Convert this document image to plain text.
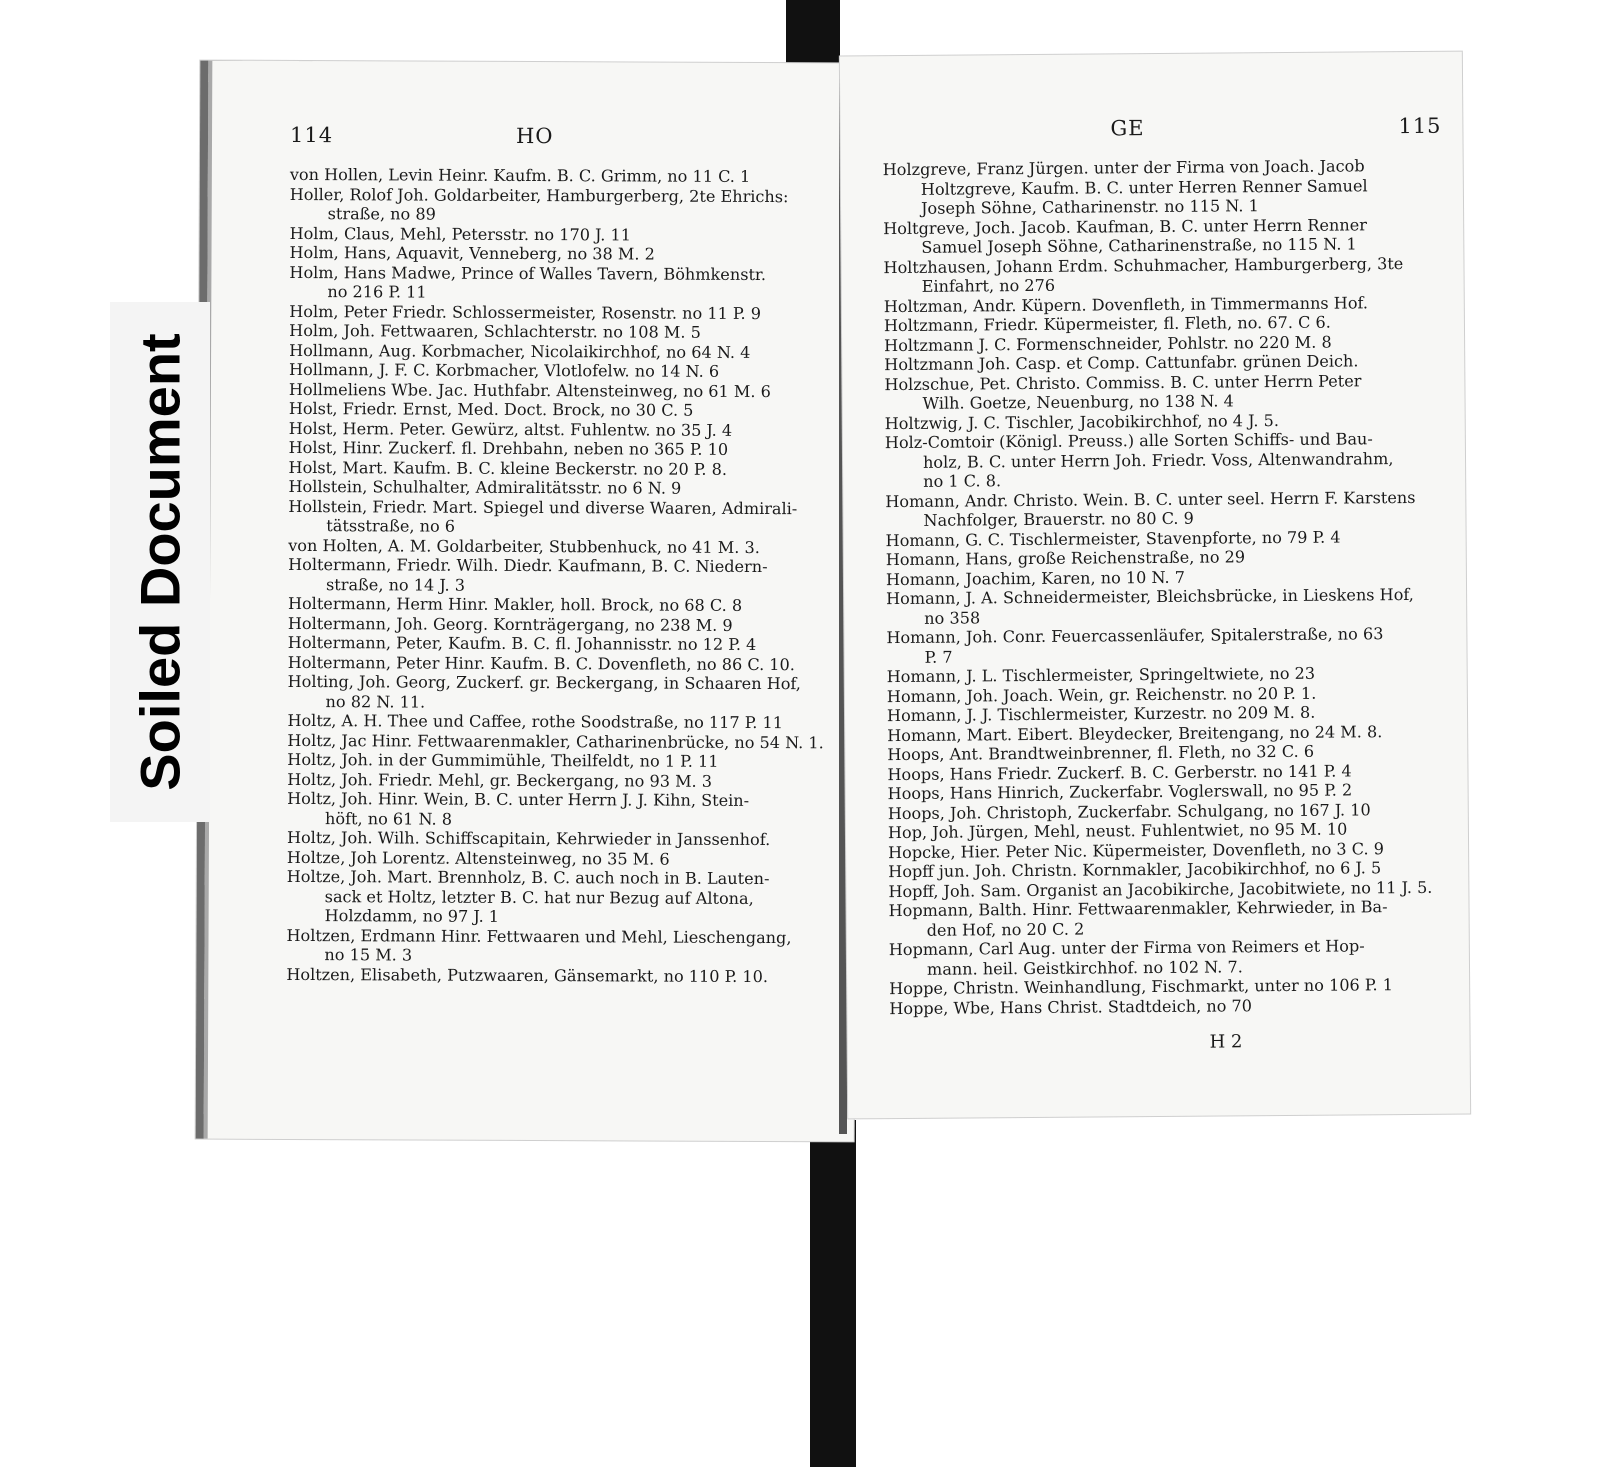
114	HO
von Hollen, Levin Heinr. Kaufm. B. C. Grimm, no 11 C. 1
Holler, Rolof Joh. Goldarbeiter, Hamburgerberg, 2te Ehrichs:
straße, no 89
Holm, Claus, Mehl, Petersstr. no 170 J. 11
Holm, Hans, Aquavit, Venneberg, no 38 M. 2
Holm, Hans Madwe, Prince of Walles Tavern, Böhmkenstr.
no 216 P. 11
Holm, Peter Friedr. Schlossermeister, Rosenstr. no 11 P. 9
Holm, Joh. Fettwaaren, Schlachterstr. no 108 M. 5
Hollmann, Aug. Korbmacher, Nicolaikirchhof, no 64 N. 4
Hollmann, J. F. C. Korbmacher, Vlotlofelw. no 14 N. 6
Hollmeliens Wbe. Jac. Huthfabr. Altensteinweg, no 61 M. 6
Holst, Friedr. Ernst, Med. Doct. Brock, no 30 C. 5
Holst, Herm. Peter. Gewürz, altst. Fuhlentw. no 35 J. 4
Holst, Hinr. Zuckerf. fl. Drehbahn, neben no 365 P. 10
Holst, Mart. Kaufm. B. C. kleine Beckerstr. no 20 P. 8.
Hollstein, Schulhalter, Admiralitätsstr. no 6 N. 9
Hollstein, Friedr. Mart. Spiegel und diverse Waaren, Admirali-
tätsstraße, no 6
von Holten, A. M. Goldarbeiter, Stubbenhuck, no 41 M. 3.
Holtermann, Friedr. Wilh. Diedr. Kaufmann, B. C. Niedern-
straße, no 14 J. 3
Holtermann, Herm Hinr. Makler, holl. Brock, no 68 C. 8
Holtermann, Joh. Georg. Kornträgergang, no 238 M. 9
Holtermann, Peter, Kaufm. B. C. fl. Johannisstr. no 12 P. 4
Holtermann, Peter Hinr. Kaufm. B. C. Dovenfleth, no 86 C. 10.
Holting, Joh. Georg, Zuckerf. gr. Beckergang, in Schaaren Hof,
no 82 N. 11.
Holtz, A. H. Thee und Caffee, rothe Soodstraße, no 117 P. 11
Holtz, Jac Hinr. Fettwaarenmakler, Catharinenbrücke, no 54 N. 1.
Holtz, Joh. in der Gummimühle, Theilfeldt, no 1 P. 11
Holtz, Joh. Friedr. Mehl, gr. Beckergang, no 93 M. 3
Holtz, Joh. Hinr. Wein, B. C. unter Herrn J. J. Kihn, Stein-
höft, no 61 N. 8
Holtz, Joh. Wilh. Schiffscapitain, Kehrwieder in Janssenhof.
Holtze, Joh Lorentz. Altensteinweg, no 35 M. 6
Holtze, Joh. Mart. Brennholz, B. C. auch noch in B. Lauten-
sack et Holtz, letzter B. C. hat nur Bezug auf Altona,
Holzdamm, no 97 J. 1
Holtzen, Erdmann Hinr. Fettwaaren und Mehl, Lieschengang,
no 15 M. 3
Holtzen, Elisabeth, Putzwaaren, Gänsemarkt, no 110 P. 10.
GE	115
Holzgreve, Franz Jürgen. unter der Firma von Joach. Jacob
Holtzgreve, Kaufm. B. C. unter Herren Renner Samuel
Joseph Söhne, Catharinenstr. no 115 N. 1
Holtgreve, Joch. Jacob. Kaufman, B. C. unter Herrn Renner
Samuel Joseph Söhne, Catharinenstraße, no 115 N. 1
Holtzhausen, Johann Erdm. Schuhmacher, Hamburgerberg, 3te
Einfahrt, no 276
Holtzman, Andr. Küpern. Dovenfleth, in Timmermanns Hof.
Holtzmann, Friedr. Küpermeister, fl. Fleth, no. 67. C 6.
Holtzmann J. C. Formenschneider, Pohlstr. no 220 M. 8
Holtzmann Joh. Casp. et Comp. Cattunfabr. grünen Deich.
Holzschue, Pet. Christo. Commiss. B. C. unter Herrn Peter
Wilh. Goetze, Neuenburg, no 138 N. 4
Holtzwig, J. C. Tischler, Jacobikirchhof, no 4 J. 5.
Holz-Comtoir (Königl. Preuss.) alle Sorten Schiffs- und Bau-
holz, B. C. unter Herrn Joh. Friedr. Voss, Altenwandrahm,
no 1 C. 8.
Homann, Andr. Christo. Wein. B. C. unter seel. Herrn F. Karstens
Nachfolger, Brauerstr. no 80 C. 9
Homann, G. C. Tischlermeister, Stavenpforte, no 79 P. 4
Homann, Hans, große Reichenstraße, no 29
Homann, Joachim, Karen, no 10 N. 7
Homann, J. A. Schneidermeister, Bleichsbrücke, in Lieskens Hof,
no 358
Homann, Joh. Conr. Feuercassenläufer, Spitalerstraße, no 63
P. 7
Homann, J. L. Tischlermeister, Springeltwiete, no 23
Homann, Joh. Joach. Wein, gr. Reichenstr. no 20 P. 1.
Homann, J. J. Tischlermeister, Kurzestr. no 209 M. 8.
Homann, Mart. Eibert. Bleydecker, Breitengang, no 24 M. 8.
Hoops, Ant. Brandtweinbrenner, fl. Fleth, no 32 C. 6
Hoops, Hans Friedr. Zuckerf. B. C. Gerberstr. no 141 P. 4
Hoops, Hans Hinrich, Zuckerfabr. Voglerswall, no 95 P. 2
Hoops, Joh. Christoph, Zuckerfabr. Schulgang, no 167 J. 10
Hop, Joh. Jürgen, Mehl, neust. Fuhlentwiet, no 95 M. 10
Hopcke, Hier. Peter Nic. Küpermeister, Dovenfleth, no 3 C. 9
Hopff jun. Joh. Christn. Kornmakler, Jacobikirchhof, no 6 J. 5
Hopff, Joh. Sam. Organist an Jacobikirche, Jacobitwiete, no 11 J. 5.
Hopmann, Balth. Hinr. Fettwaarenmakler, Kehrwieder, in Ba-
den Hof, no 20 C. 2
Hopmann, Carl Aug. unter der Firma von Reimers et Hop-
mann. heil. Geistkirchhof. no 102 N. 7.
Hoppe, Christn. Weinhandlung, Fischmarkt, unter no 106 P. 1
Hoppe, Wbe, Hans Christ. Stadtdeich, no 70
H 2
Soiled Document
